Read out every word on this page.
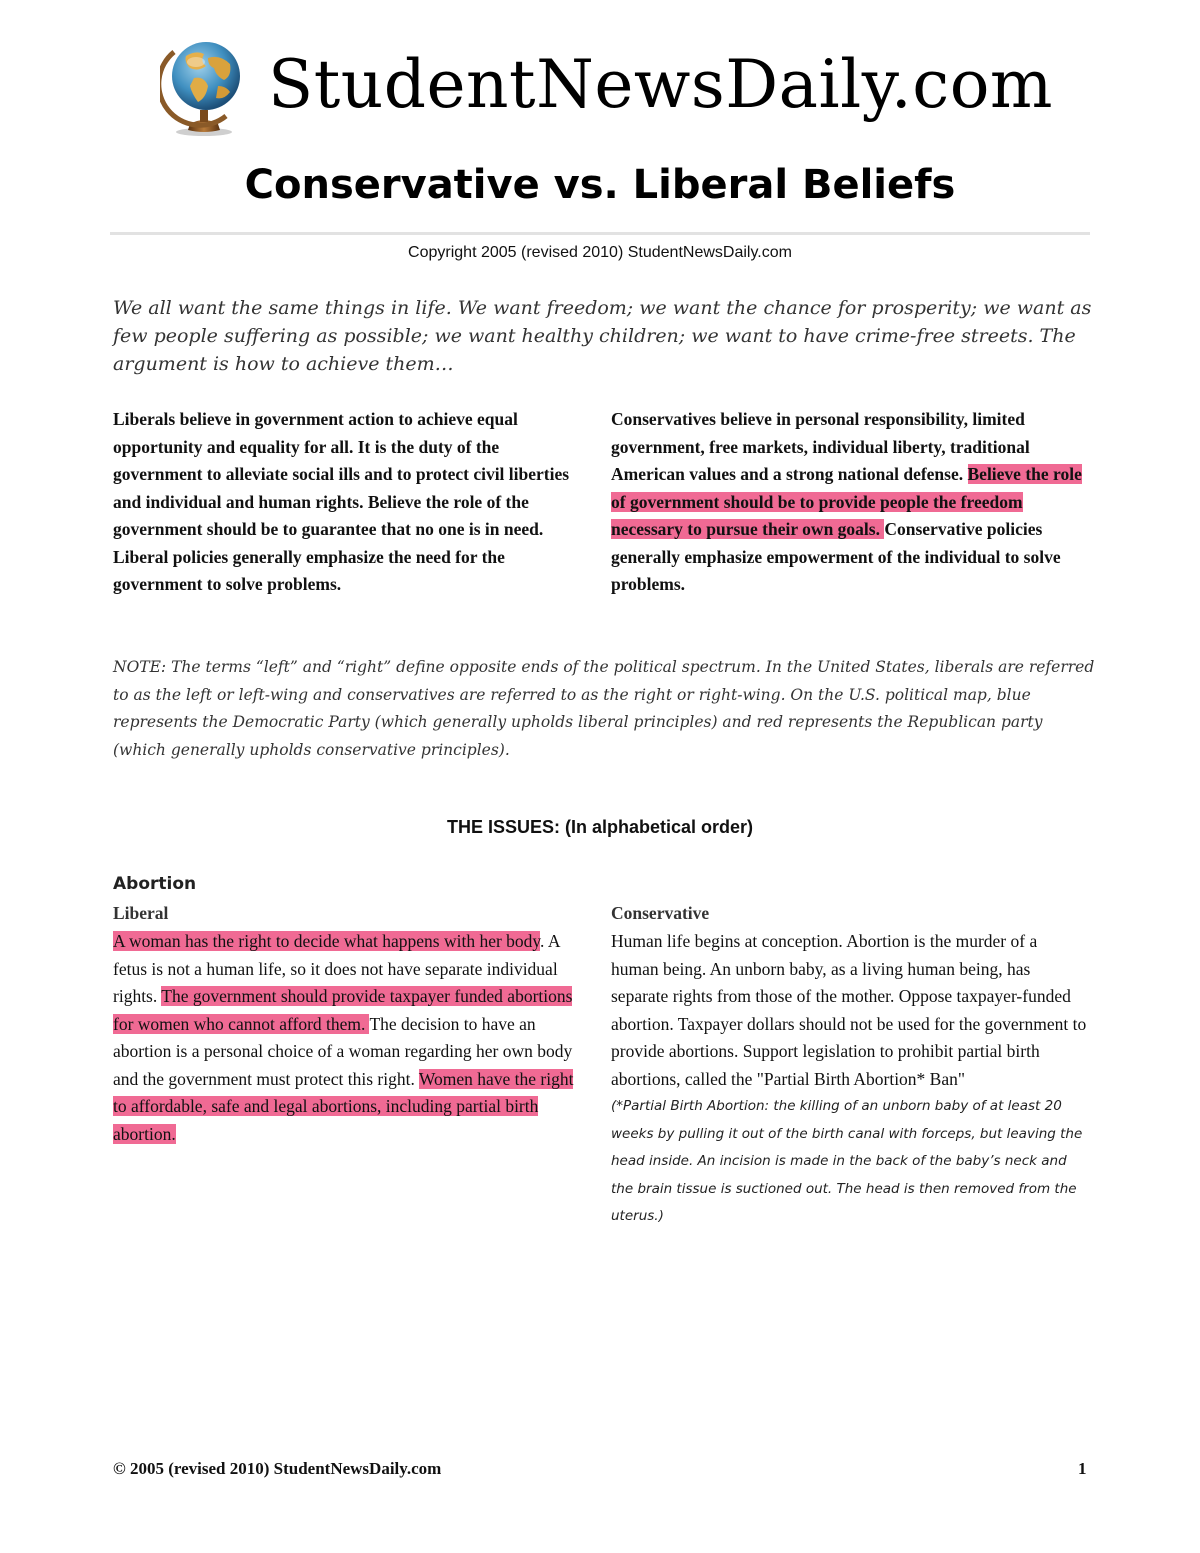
StudentNewsDaily.com
Conservative vs. Liberal Beliefs
Copyright 2005 (revised 2010) StudentNewsDaily.com
We all want the same things in life. We want freedom; we want the chance for prosperity; we want as few people suffering as possible; we want healthy children; we want to have crime-free streets. The argument is how to achieve them…
Liberals believe in government action to achieve equal opportunity and equality for all. It is the duty of the government to alleviate social ills and to protect civil liberties and individual and human rights. Believe the role of the government should be to guarantee that no one is in need. Liberal policies generally emphasize the need for the government to solve problems.
Conservatives believe in personal responsibility, limited government, free markets, individual liberty, traditional American values and a strong national defense. Believe the role of government should be to provide people the freedom necessary to pursue their own goals. Conservative policies generally emphasize empowerment of the individual to solve problems.
NOTE: The terms “left” and “right” define opposite ends of the political spectrum. In the United States, liberals are referred to as the left or left-wing and conservatives are referred to as the right or right-wing. On the U.S. political map, blue represents the Democratic Party (which generally upholds liberal principles) and red represents the Republican party (which generally upholds conservative principles).
THE ISSUES: (In alphabetical order)
Abortion
Liberal	Conservative
A woman has the right to decide what happens with her body. A fetus is not a human life, so it does not have separate individual rights. The government should provide taxpayer funded abortions for women who cannot afford them. The decision to have an abortion is a personal choice of a woman regarding her own body and the government must protect this right. Women have the right to affordable, safe and legal abortions, including partial birth abortion.
Human life begins at conception. Abortion is the murder of a human being. An unborn baby, as a living human being, has separate rights from those of the mother. Oppose taxpayer-funded abortion. Taxpayer dollars should not be used for the government to provide abortions. Support legislation to prohibit partial birth abortions, called the "Partial Birth Abortion* Ban"
(*Partial Birth Abortion: the killing of an unborn baby of at least 20 weeks by pulling it out of the birth canal with forceps, but leaving the head inside. An incision is made in the back of the baby’s neck and the brain tissue is suctioned out. The head is then removed from the uterus.)
© 2005 (revised 2010) StudentNewsDaily.com	1
